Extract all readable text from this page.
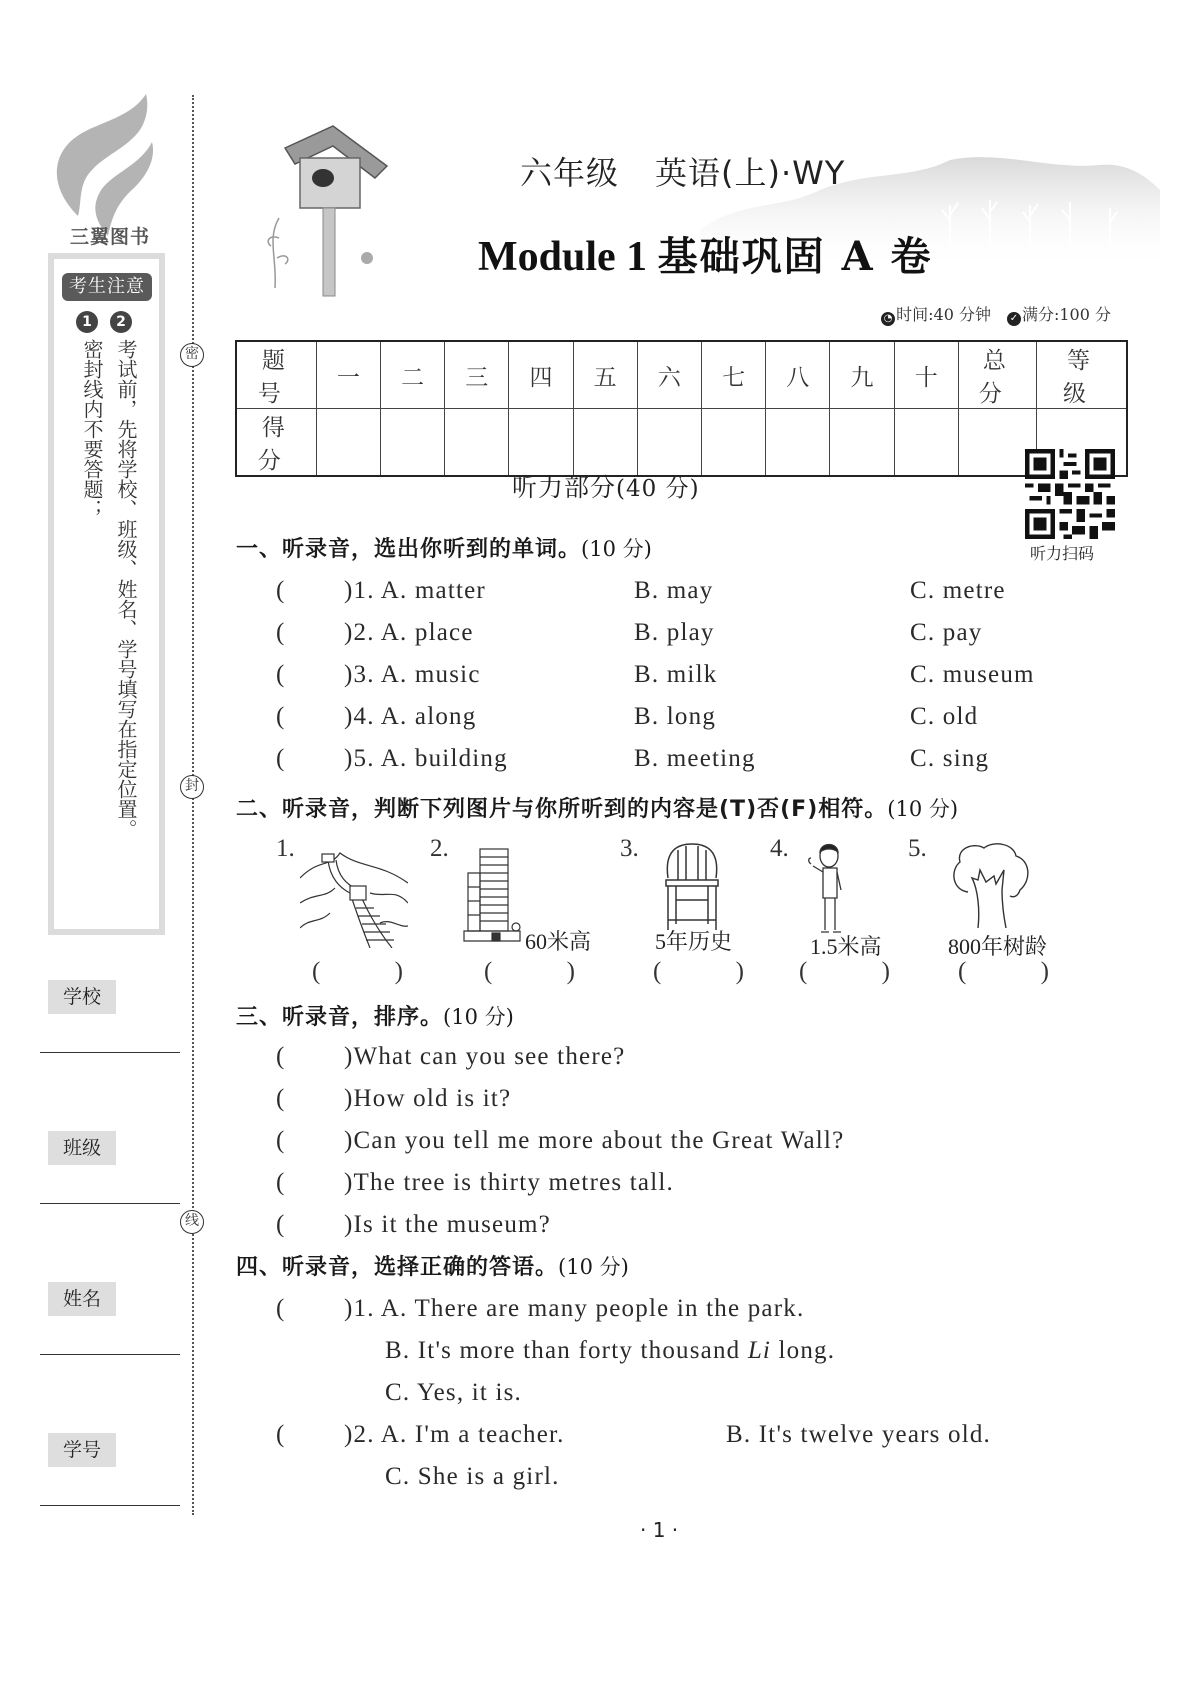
三翼图书
考生注意
1	2
密封线内不要答题； 考试前，先将学校、班级、姓名、学号填写在指定位置。
学校
班级
姓名
学号
密
封
线
六年级 英语(上)·WY
Module 1 基础巩固 A 卷
◔ 时间:40 分钟 ✓ 满分:100 分
题 号	一	二	三	四	五	六	七	八	九	十	总 分	等 级
得 分												
听力部分(40 分)
听力扫码
一、听录音，选出你听到的单词。(10 分)
( )1. A. matter	B. may	C. metre
( )2. A. place	B. play	C. pay
( )3. A. music	B. milk	C. museum
( )4. A. along	B. long	C. old
( )5. A. building	B. meeting	C. sing
二、听录音，判断下列图片与你所听到的内容是(T)否(F)相符。(10 分)
1.
( )
2.
60米高
( )
3.
5年历史
( )
4.
1.5米高
( )
5.
800年树龄
( )
三、听录音，排序。(10 分)
( )What can you see there?
( )How old is it?
( )Can you tell me more about the Great Wall?
( )The tree is thirty metres tall.
( )Is it the museum?
四、听录音，选择正确的答语。(10 分)
( )1. A. There are many people in the park.
B. It's more than forty thousand Li long.
C. Yes, it is.
( )2. A. I'm a teacher.	B. It's twelve years old.
C. She is a girl.
· 1 ·
